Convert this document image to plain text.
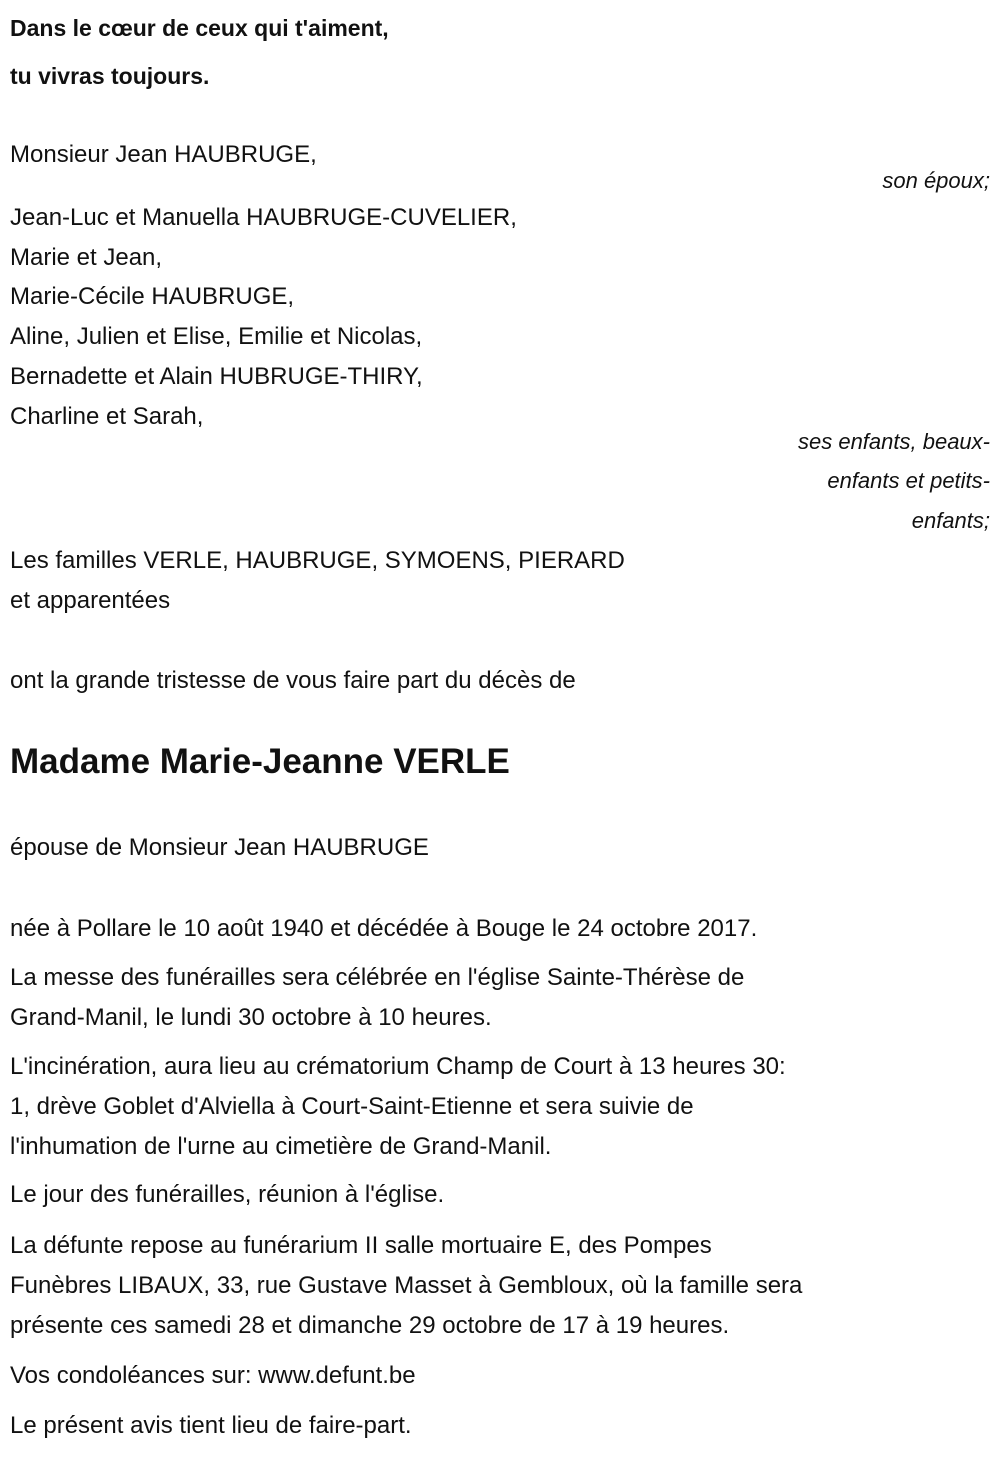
Dans le cœur de ceux qui t'aiment,
tu vivras toujours.
Monsieur Jean HAUBRUGE,
son époux;
Jean-Luc et Manuella HAUBRUGE-CUVELIER,
Marie et Jean,
Marie-Cécile HAUBRUGE,
Aline, Julien et Elise, Emilie et Nicolas,
Bernadette et Alain HUBRUGE-THIRY,
Charline et Sarah,
ses enfants, beaux-
enfants et petits-
enfants;
Les familles VERLE, HAUBRUGE, SYMOENS, PIERARD
et apparentées
ont la grande tristesse de vous faire part du décès de
Madame Marie-Jeanne VERLE
épouse de Monsieur Jean HAUBRUGE
née à Pollare le 10 août 1940 et décédée à Bouge le 24 octobre 2017.
La messe des funérailles sera célébrée en l'église Sainte-Thérèse de
Grand-Manil, le lundi 30 octobre à 10 heures.
L'incinération, aura lieu au crématorium Champ de Court à 13 heures 30:
1, drève Goblet d'Alviella à Court-Saint-Etienne et sera suivie de
l'inhumation de l'urne au cimetière de Grand-Manil.
Le jour des funérailles, réunion à l'église.
La défunte repose au funérarium II salle mortuaire E, des Pompes
Funèbres LIBAUX, 33, rue Gustave Masset à Gembloux, où la famille sera
présente ces samedi 28 et dimanche 29 octobre de 17 à 19 heures.
Vos condoléances sur: www.defunt.be
Le présent avis tient lieu de faire-part.
